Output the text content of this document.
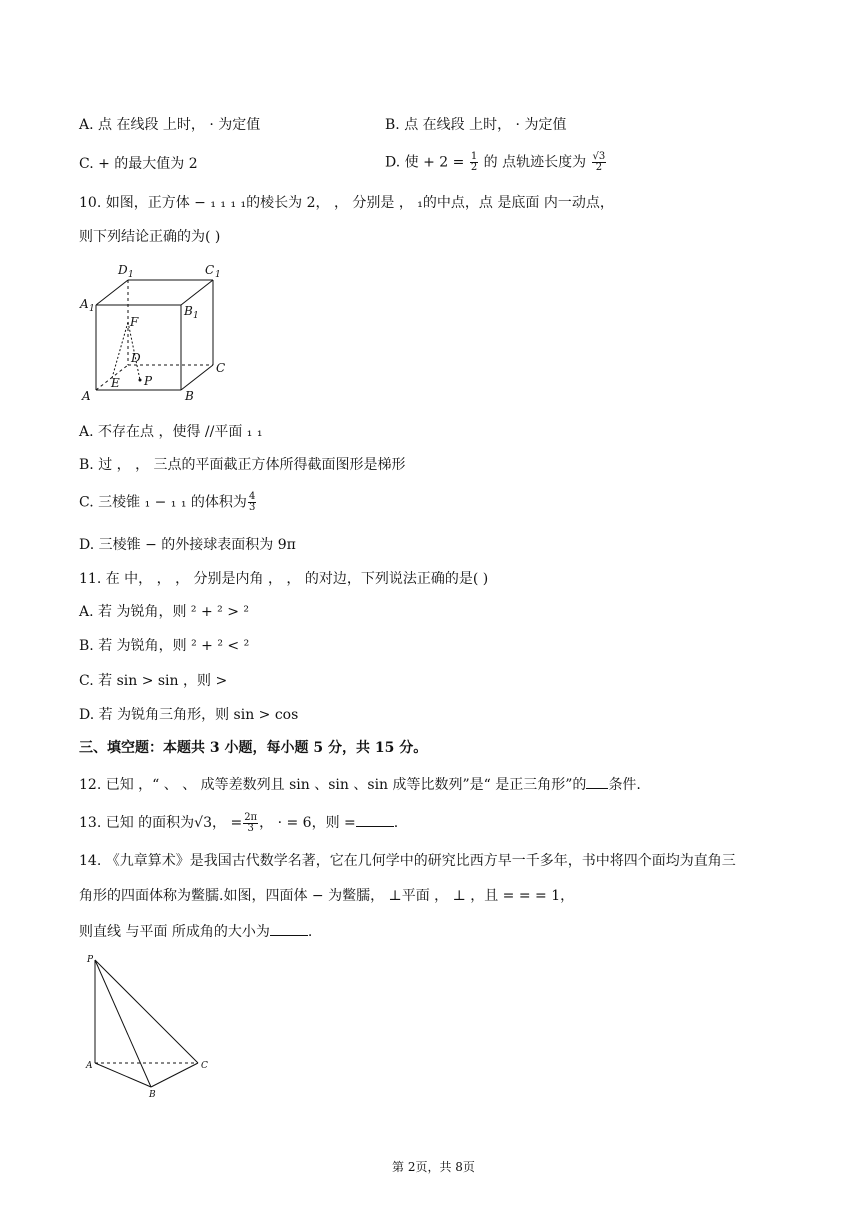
A. 点 在线段 上时， · 为定值	B. 点 在线段 上时， · 为定值
C. + 的最大值为 2	D. 使 + $2 = \frac{1}{2}$ 的 点轨迹长度为 $\frac{√3}{2}$
10. 如图，正方体 − ₁ ₁ ₁ ₁的棱长为 2， ， 分别是 ， ₁的中点，点 是底面 内一动点，
则下列结论正确的为( )
D 1	C 1
A 1	B 1
F
D
C
E P
A	B
A. 不存在点 ，使得 //平面 ₁ ₁
B. 过 ， ， 三点的平面截正方体所得截面图形是梯形
C. 三棱锥 ₁ − ₁ ₁ 的体积为 $\frac{4}{3}$
D. 三棱锥 − 的外接球表面积为 9π
11. 在 中， ， ， 分别是内角 ， ， 的对边，下列说法正确的是( )
A. 若 为锐角，则 ² + ² > ²
B. 若 为锐角，则 ² + ² < ²
C. 若 sin > sin ，则 >
D. 若 为锐角三角形，则 sin > cos
三、填空题：本题共 3 小题，每小题 5 分，共 15 分。
12. 已知 ，“ 、 、 成等差数列且 sin 、sin 、sin 成等比数列”是“ 是正三角形”的 条件.
13. 已知 的面积为√3， = $\frac{2\pi}{3}$ ， · = 6，则 =	.
14. 《九章算术》是我国古代数学名著，它在几何学中的研究比西方早一千多年，书中将四个面均为直角三
角形的四面体称为鳖臑.如图，四面体 − 为鳖臑， ⊥平面 ， ⊥ ，且 = = = 1，
则直线 与平面 所成角的大小为	.
P
A
B
C
第 2页，共 8页
